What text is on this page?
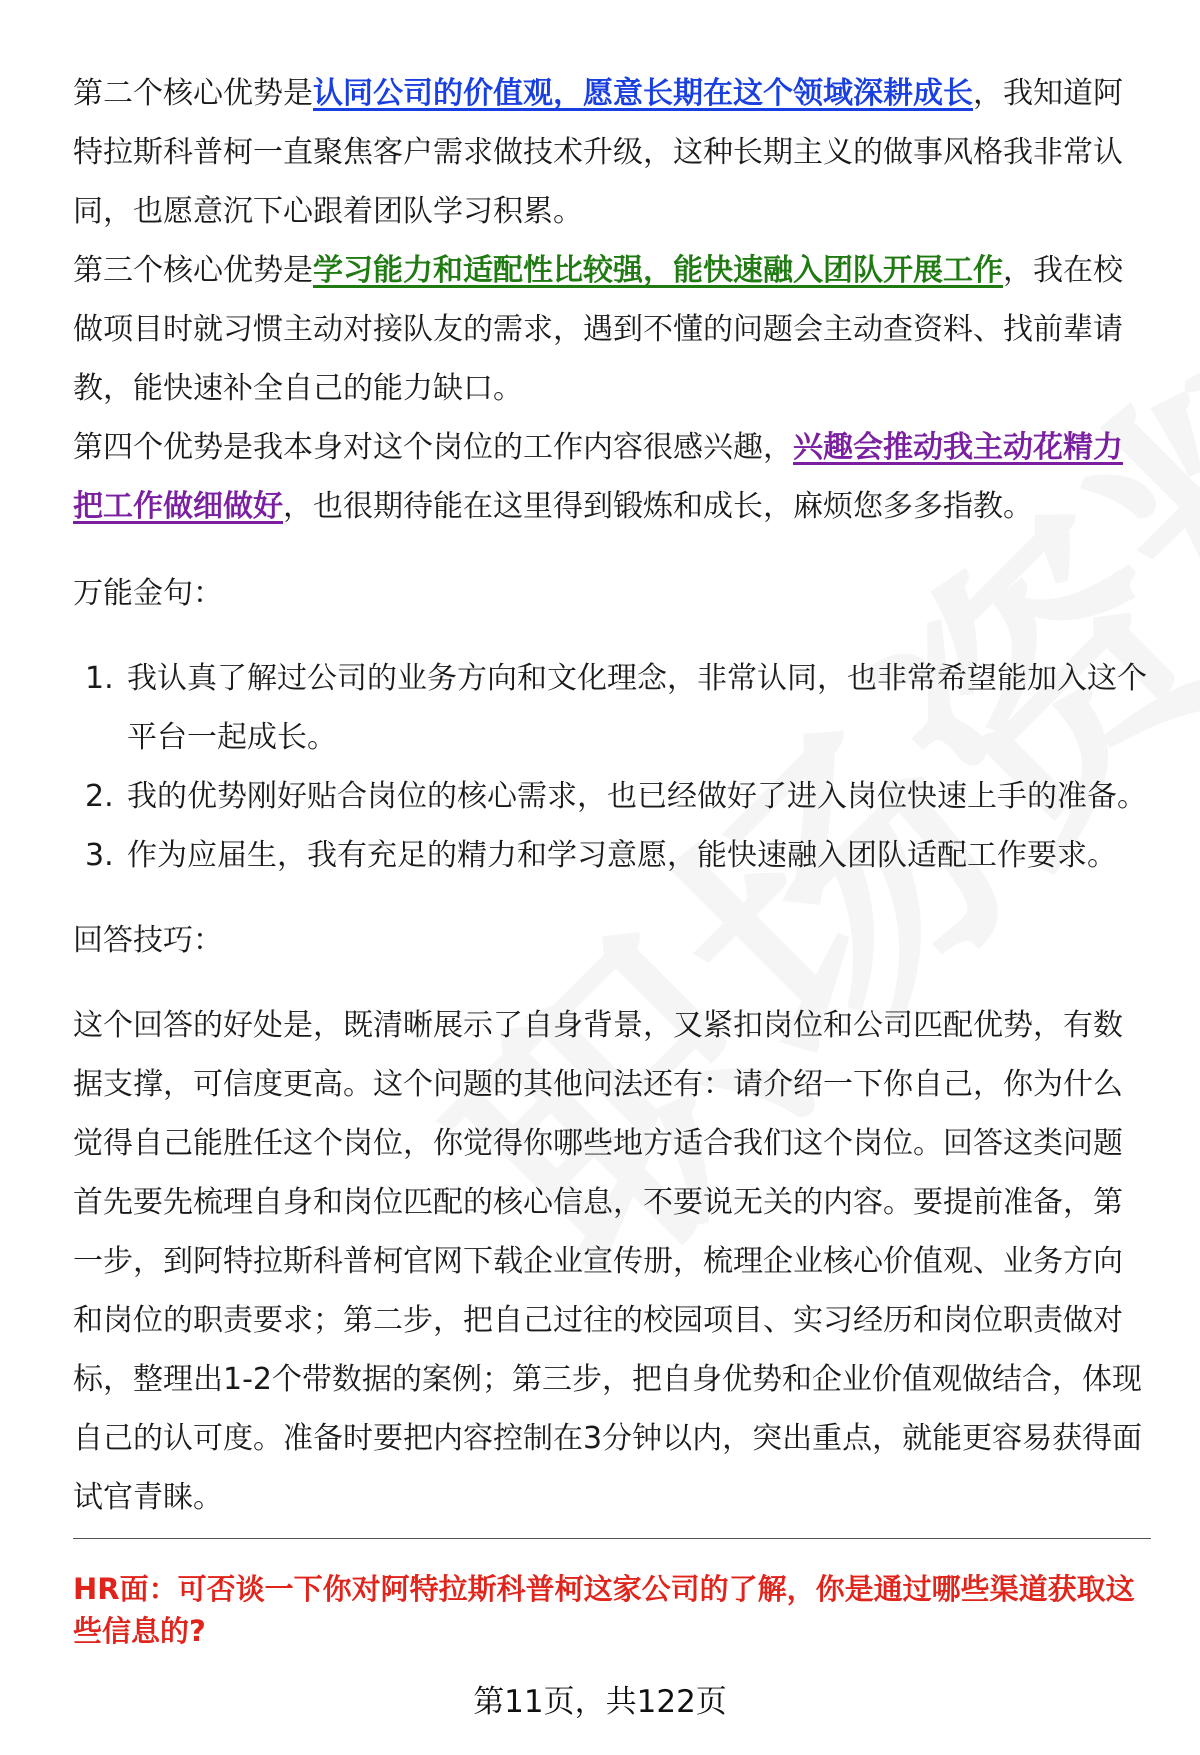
第二个核心优势是认同公司的价值观，愿意长期在这个领域深耕成长，我知道阿特拉斯科普柯一直聚焦客户需求做技术升级，这种长期主义的做事风格我非常认同，也愿意沉下心跟着团队学习积累。

第三个核心优势是学习能力和适配性比较强，能快速融入团队开展工作，我在校做项目时就习惯主动对接队友的需求，遇到不懂的问题会主动查资料、找前辈请教，能快速补全自己的能力缺口。

第四个优势是我本身对这个岗位的工作内容很感兴趣，兴趣会推动我主动花精力把工作做细做好，也很期待能在这里得到锻炼和成长，麻烦您多多指教。

万能金句：

1. 我认真了解过公司的业务方向和文化理念，非常认同，也非常希望能加入这个平台一起成长。
2. 我的优势刚好贴合岗位的核心需求，也已经做好了进入岗位快速上手的准备。
3. 作为应届生，我有充足的精力和学习意愿，能快速融入团队适配工作要求。

回答技巧：

这个回答的好处是，既清晰展示了自身背景，又紧扣岗位和公司匹配优势，有数据支撑，可信度更高。这个问题的其他问法还有：请介绍一下你自己，你为什么觉得自己能胜任这个岗位，你觉得你哪些地方适合我们这个岗位。回答这类问题首先要先梳理自身和岗位匹配的核心信息，不要说无关的内容。要提前准备，第一步，到阿特拉斯科普柯官网下载企业宣传册，梳理企业核心价值观、业务方向和岗位的职责要求；第二步，把自己过往的校园项目、实习经历和岗位职责做对标，整理出1-2个带数据的案例；第三步，把自身优势和企业价值观做结合，体现自己的认可度。准备时要把内容控制在3分钟以内，突出重点，就能更容易获得面试官青睐。

HR面：可否谈一下你对阿特拉斯科普柯这家公司的了解，你是通过哪些渠道获取这些信息的?
第11页，共122页
